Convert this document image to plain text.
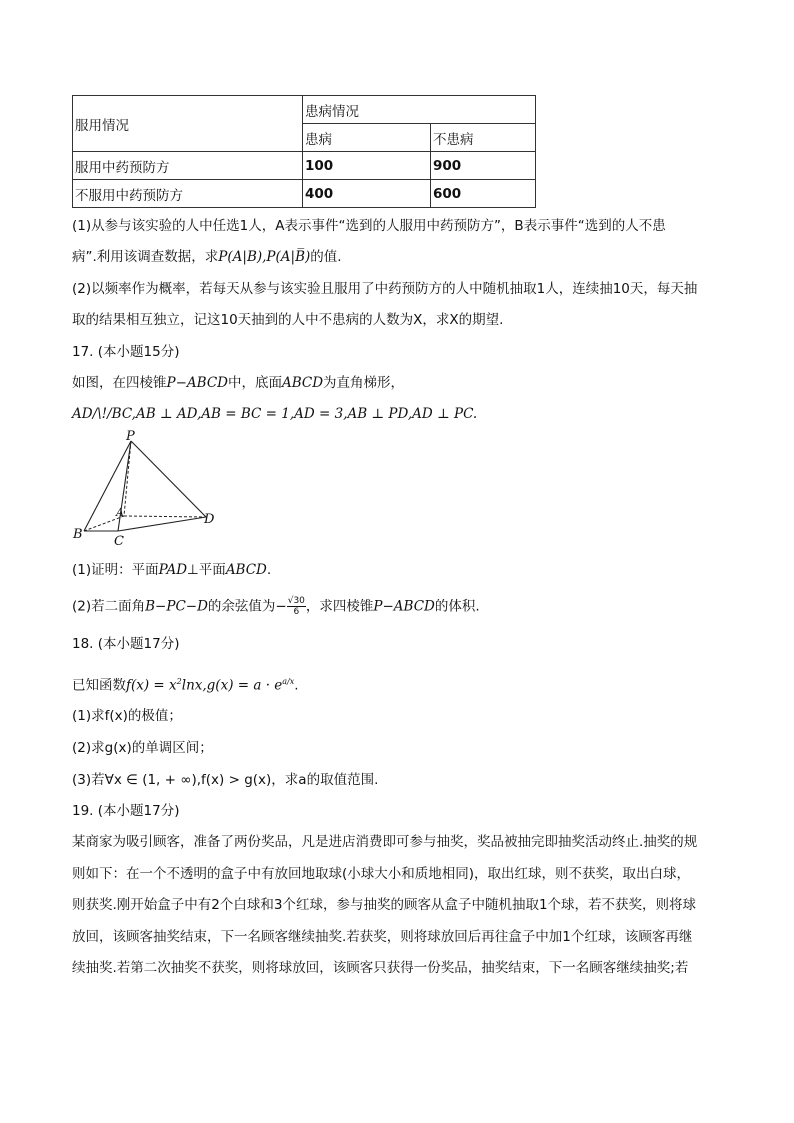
服用情况	患病情况	
	患病	不患病
服用中药预防方	100	900
不服用中药预防方	400	600
(1)从参与该实验的人中任选1人，A表示事件“选到的人服用中药预防方”，B表示事件“选到的人不患
病”.利用该调查数据，求P(A|B),P(A|B̅)的值.
(2)以频率作为概率，若每天从参与该实验且服用了中药预防方的人中随机抽取1人，连续抽10天，每天抽
取的结果相互独立，记这10天抽到的人中不患病的人数为X，求X的期望.
17. (本小题15分)
如图，在四棱锥P−ABCD中，底面ABCD为直角梯形，
AD/\!/BC,AB ⊥ AD,AB = BC = 1,AD = 3,AB ⊥ PD,AD ⊥ PC.
P
A
B C
D
(1)证明：平面PAD⊥平面ABCD.
(2)若二面角B−PC−D的余弦值为− $\frac{√30}{6}$ ，求四棱锥P−ABCD的体积.
18. (本小题17分)
已知函数$f(x) = x^2\ln x,g(x) = a \cdot e^{a/x}$.
(1)求f(x)的极值；
(2)求g(x)的单调区间；
(3)若∀x ∈ (1, + ∞),f(x) > g(x)，求a的取值范围.
19. (本小题17分)
某商家为吸引顾客，准备了两份奖品，凡是进店消费即可参与抽奖，奖品被抽完即抽奖活动终止.抽奖的规
则如下：在一个不透明的盒子中有放回地取球(小球大小和质地相同)，取出红球，则不获奖，取出白球，
则获奖.刚开始盒子中有2个白球和3个红球，参与抽奖的顾客从盒子中随机抽取1个球，若不获奖，则将球
放回，该顾客抽奖结束，下一名顾客继续抽奖.若获奖，则将球放回后再往盒子中加1个红球，该顾客再继
续抽奖.若第二次抽奖不获奖，则将球放回，该顾客只获得一份奖品，抽奖结束，下一名顾客继续抽奖;若
